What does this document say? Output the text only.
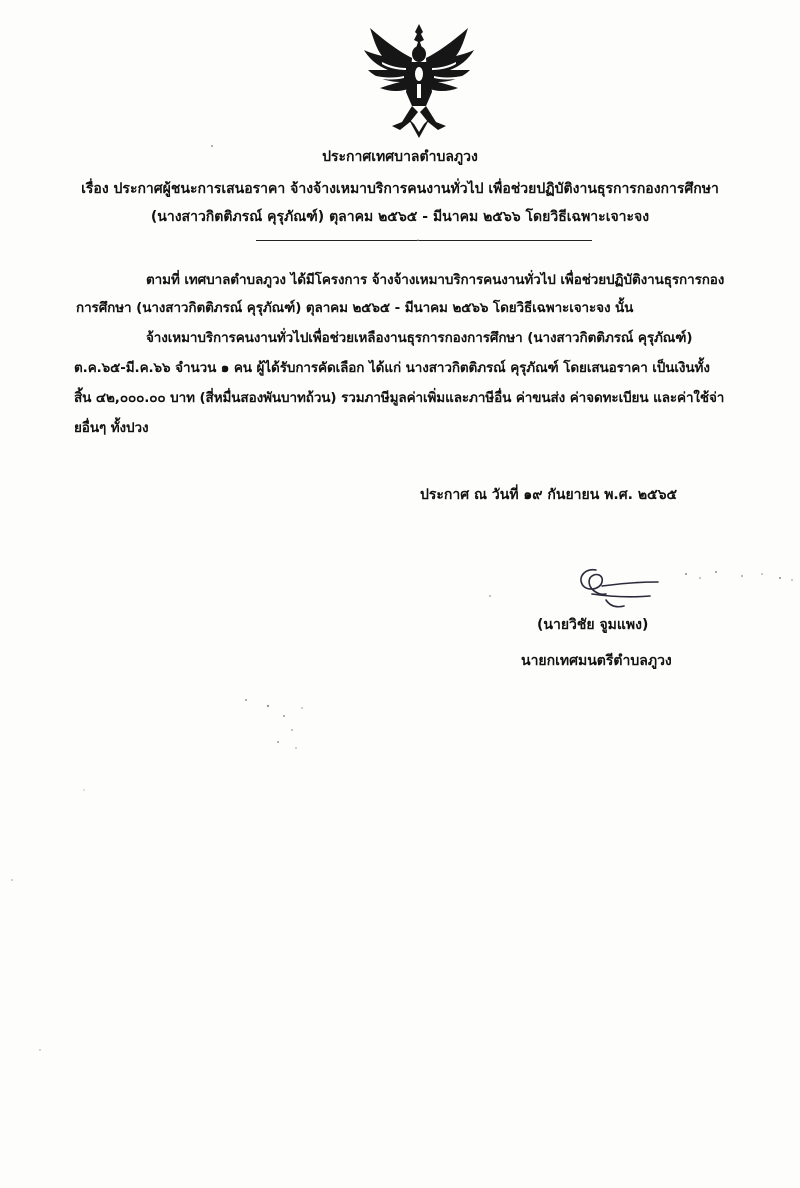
ประกาศเทศบาลตำบลภูวง
เรื่อง ประกาศผู้ชนะการเสนอราคา จ้างจ้างเหมาบริการคนงานทั่วไป เพื่อช่วยปฏิบัติงานธุรการกองการศึกษา
(นางสาวกิตติภรณ์ คุรุภัณฑ์) ตุลาคม ๒๕๖๕ - มีนาคม ๒๕๖๖ โดยวิธีเฉพาะเจาะจง
ตามที่ เทศบาลตำบลภูวง ได้มีโครงการ จ้างจ้างเหมาบริการคนงานทั่วไป เพื่อช่วยปฏิบัติงานธุรการกอง
การศึกษา (นางสาวกิตติภรณ์ คุรุภัณฑ์) ตุลาคม ๒๕๖๕ - มีนาคม ๒๕๖๖ โดยวิธีเฉพาะเจาะจง นั้น
จ้างเหมาบริการคนงานทั่วไปเพื่อช่วยเหลืองานธุรการกองการศึกษา (นางสาวกิตติภรณ์ คุรุภัณฑ์)
ต.ค.๖๕-มี.ค.๖๖ จำนวน ๑ คน ผู้ได้รับการคัดเลือก ได้แก่ นางสาวกิตติภรณ์ คุรุภัณฑ์ โดยเสนอราคา เป็นเงินทั้ง
สิ้น ๔๒,๐๐๐.๐๐ บาท (สี่หมื่นสองพันบาทถ้วน) รวมภาษีมูลค่าเพิ่มและภาษีอื่น ค่าขนส่ง ค่าจดทะเบียน และค่าใช้จ่า
ยอื่นๆ ทั้งปวง
ประกาศ ณ วันที่ ๑๙ กันยายน พ.ศ. ๒๕๖๕
(นายวิชัย จูมแพง)
นายกเทศมนตรีตำบลภูวง
